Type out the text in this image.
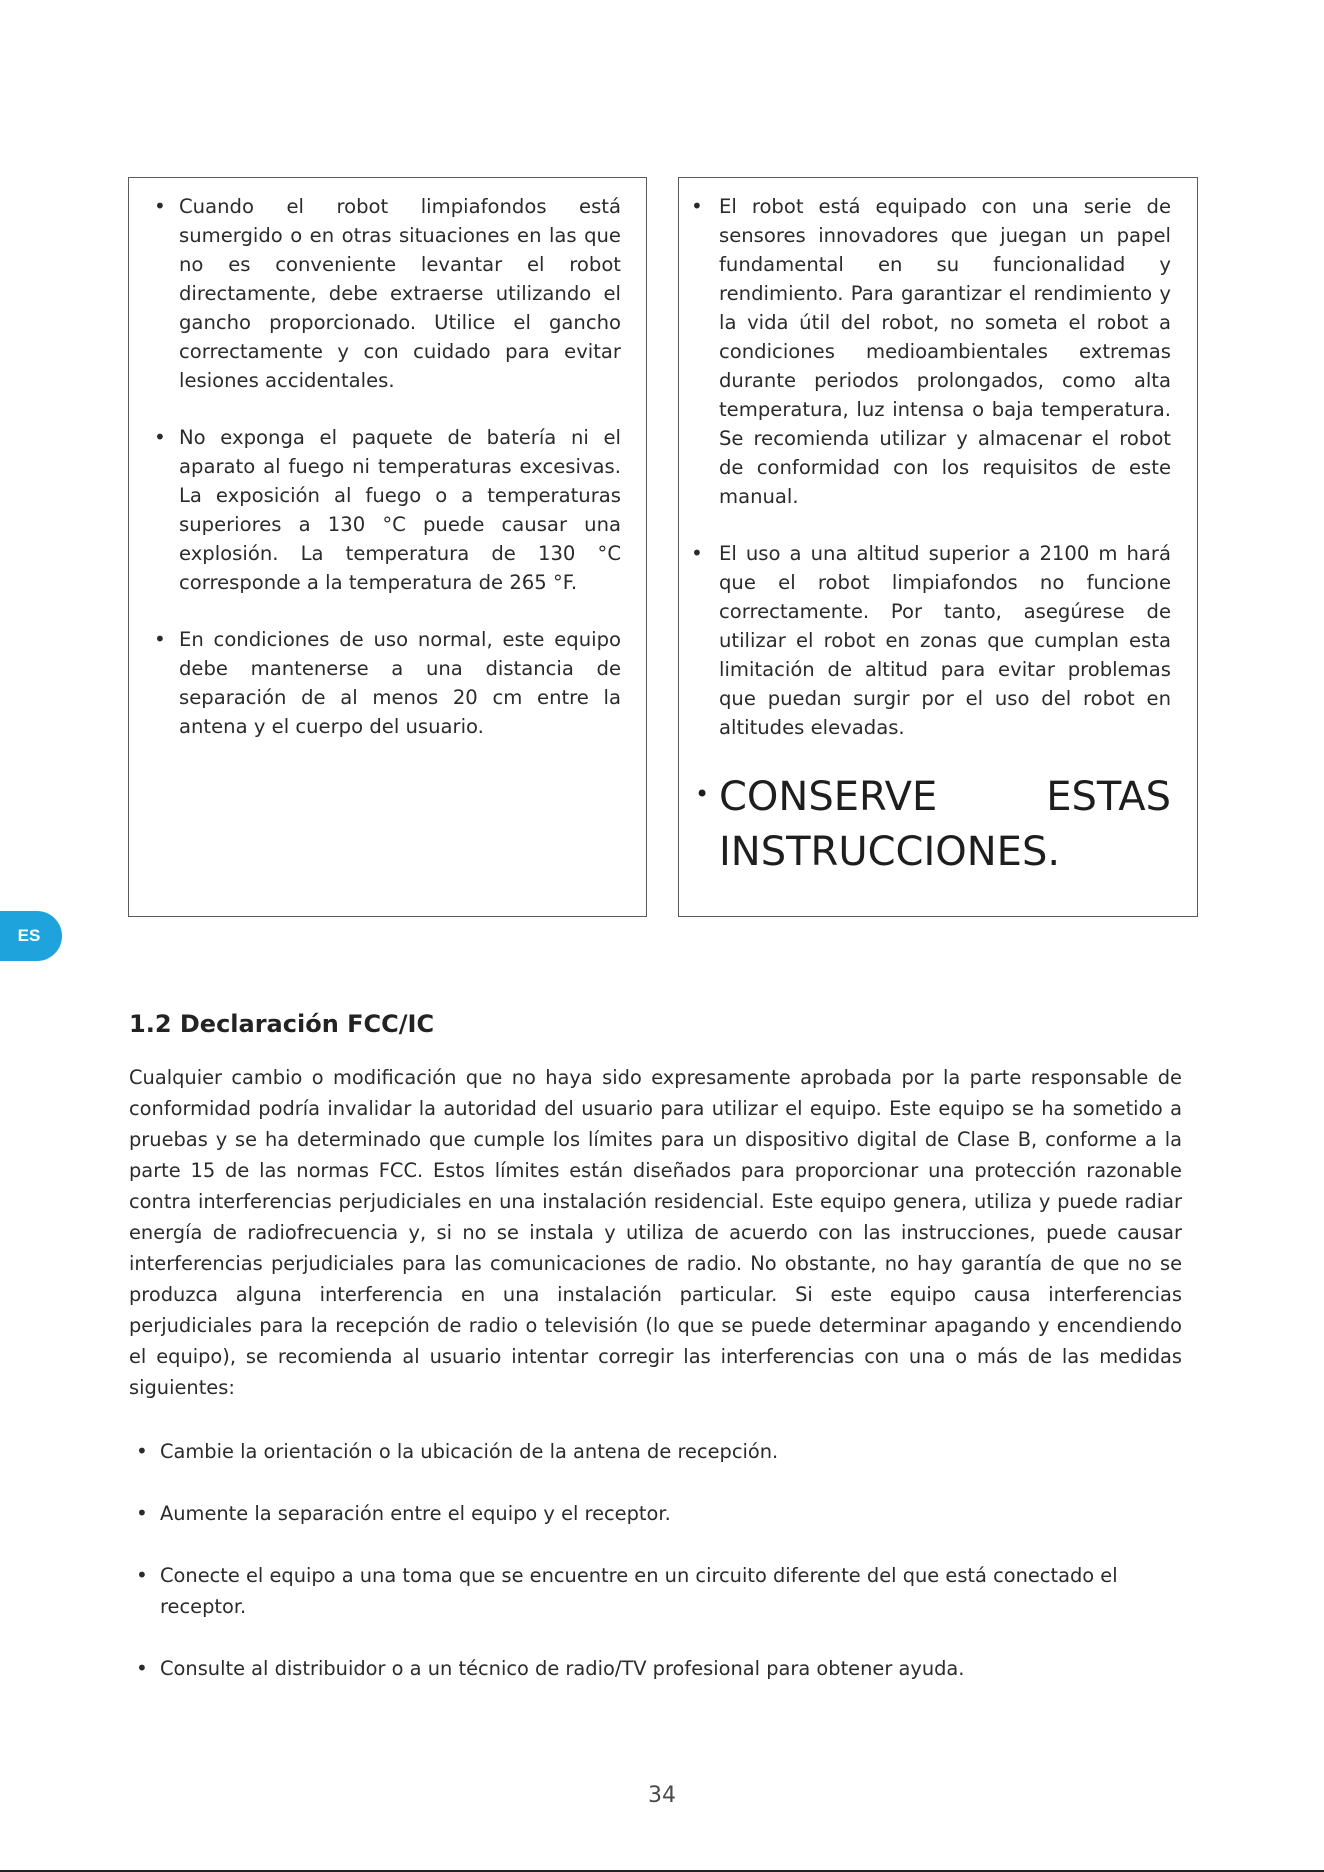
• Cuando el robot limpiafondos está sumergido o en otras situaciones en las que no es conveniente levantar el robot directamente, debe extraerse utilizando el gancho proporcionado. Utilice el gancho correctamente y con cuidado para evitar lesiones accidentales.
• No exponga el paquete de batería ni el aparato al fuego ni temperaturas excesivas. La exposición al fuego o a temperaturas superiores a 130 °C puede causar una explosión. La temperatura de 130 °C corresponde a la temperatura de 265 °F.
• En condiciones de uso normal, este equipo debe mantenerse a una distancia de separación de al menos 20 cm entre la antena y el cuerpo del usuario.
• El robot está equipado con una serie de sensores innovadores que juegan un papel fundamental en su funcionalidad y rendimiento. Para garantizar el rendimiento y la vida útil del robot, no someta el robot a condiciones medioambientales extremas durante periodos prolongados, como alta temperatura, luz intensa o baja temperatura. Se recomienda utilizar y almacenar el robot de conformidad con los requisitos de este manual.
• El uso a una altitud superior a 2100 m hará que el robot limpiafondos no funcione correctamente. Por tanto, asegúrese de utilizar el robot en zonas que cumplan esta limitación de altitud para evitar problemas que puedan surgir por el uso del robot en altitudes elevadas.
• CONSERVE	ESTAS
INSTRUCCIONES.
ES
1.2 Declaración FCC/IC

Cualquier cambio o modificación que no haya sido expresamente aprobada por la parte responsable de conformidad podría invalidar la autoridad del usuario para utilizar el equipo. Este equipo se ha sometido a pruebas y se ha determinado que cumple los límites para un dispositivo digital de Clase B, conforme a la parte 15 de las normas FCC. Estos límites están diseñados para proporcionar una protección razonable contra interferencias perjudiciales en una instalación residencial. Este equipo genera, utiliza y puede radiar energía de radiofrecuencia y, si no se instala y utiliza de acuerdo con las instrucciones, puede causar interferencias perjudiciales para las comunicaciones de radio. No obstante, no hay garantía de que no se produzca alguna interferencia en una instalación particular. Si este equipo causa interferencias perjudiciales para la recepción de radio o televisión (lo que se puede determinar apagando y encendiendo el equipo), se recomienda al usuario intentar corregir las interferencias con una o más de las medidas siguientes:

• Cambie la orientación o la ubicación de la antena de recepción.
• Aumente la separación entre el equipo y el receptor.
• Conecte el equipo a una toma que se encuentre en un circuito diferente del que está conectado el receptor.
• Consulte al distribuidor o a un técnico de radio/TV profesional para obtener ayuda.
34
